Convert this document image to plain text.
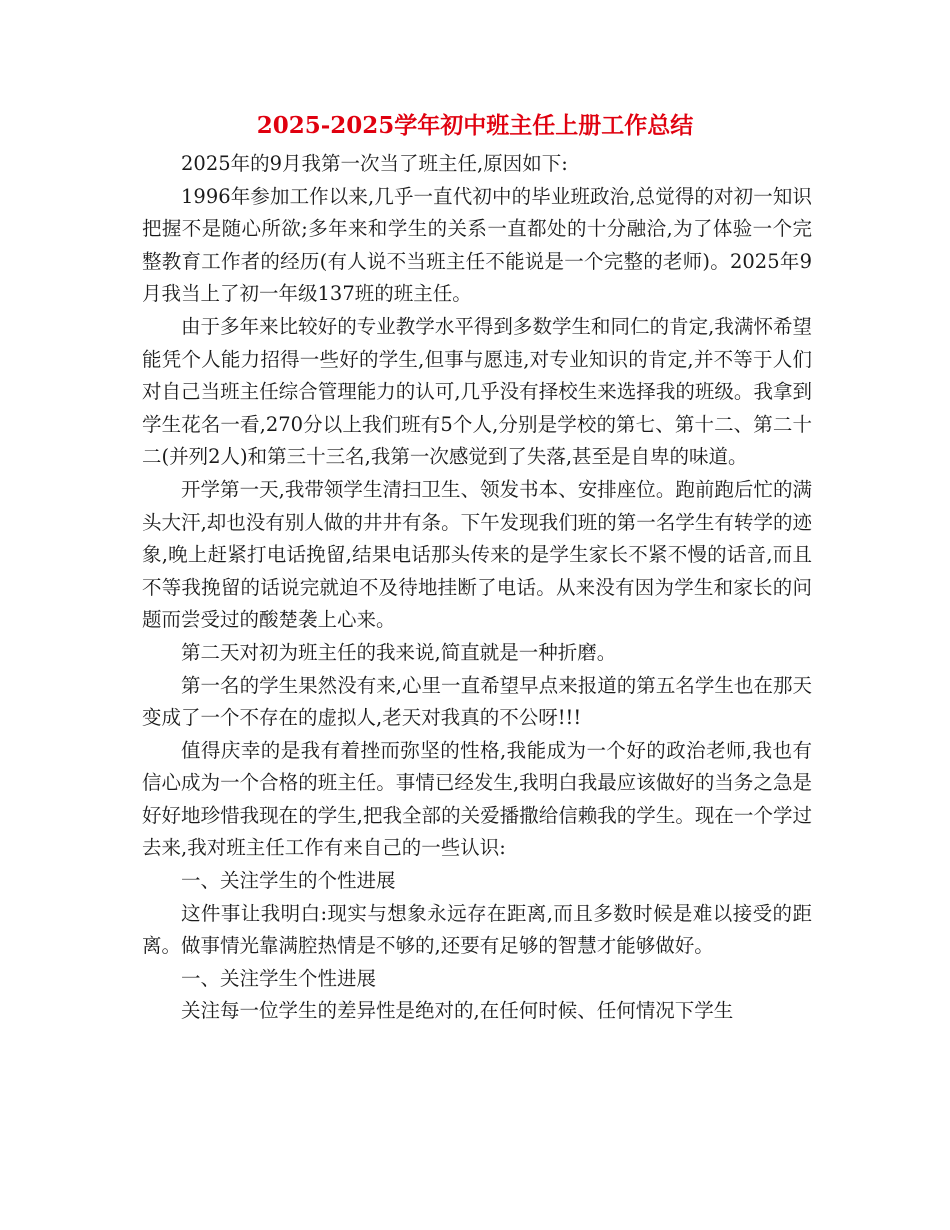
2025-2025学年初中班主任上册工作总结

2025年的9月我第一次当了班主任,原因如下:

1996年参加工作以来,几乎一直代初中的毕业班政治,总觉得的对初一知识把握不是随心所欲;多年来和学生的关系一直都处的十分融洽,为了体验一个完整教育工作者的经历(有人说不当班主任不能说是一个完整的老师)。2025年9月我当上了初一年级137班的班主任。

由于多年来比较好的专业教学水平得到多数学生和同仁的肯定,我满怀希望能凭个人能力招得一些好的学生,但事与愿违,对专业知识的肯定,并不等于人们对自己当班主任综合管理能力的认可,几乎没有择校生来选择我的班级。我拿到学生花名一看,270分以上我们班有5个人,分别是学校的第七、第十二、第二十二(并列2人)和第三十三名,我第一次感觉到了失落,甚至是自卑的味道。

开学第一天,我带领学生清扫卫生、领发书本、安排座位。跑前跑后忙的满头大汗,却也没有别人做的井井有条。下午发现我们班的第一名学生有转学的迹象,晚上赶紧打电话挽留,结果电话那头传来的是学生家长不紧不慢的话音,而且不等我挽留的话说完就迫不及待地挂断了电话。从来没有因为学生和家长的问题而尝受过的酸楚袭上心来。

第二天对初为班主任的我来说,简直就是一种折磨。

第一名的学生果然没有来,心里一直希望早点来报道的第五名学生也在那天变成了一个不存在的虚拟人,老天对我真的不公呀!!!

值得庆幸的是我有着挫而弥坚的性格,我能成为一个好的政治老师,我也有信心成为一个合格的班主任。事情已经发生,我明白我最应该做好的当务之急是好好地珍惜我现在的学生,把我全部的关爱播撒给信赖我的学生。现在一个学过去来,我对班主任工作有来自己的一些认识:

一、关注学生的个性进展

这件事让我明白:现实与想象永远存在距离,而且多数时候是难以接受的距离。做事情光靠满腔热情是不够的,还要有足够的智慧才能够做好。

一、关注学生个性进展

关注每一位学生的差异性是绝对的,在任何时候、任何情况下学生
